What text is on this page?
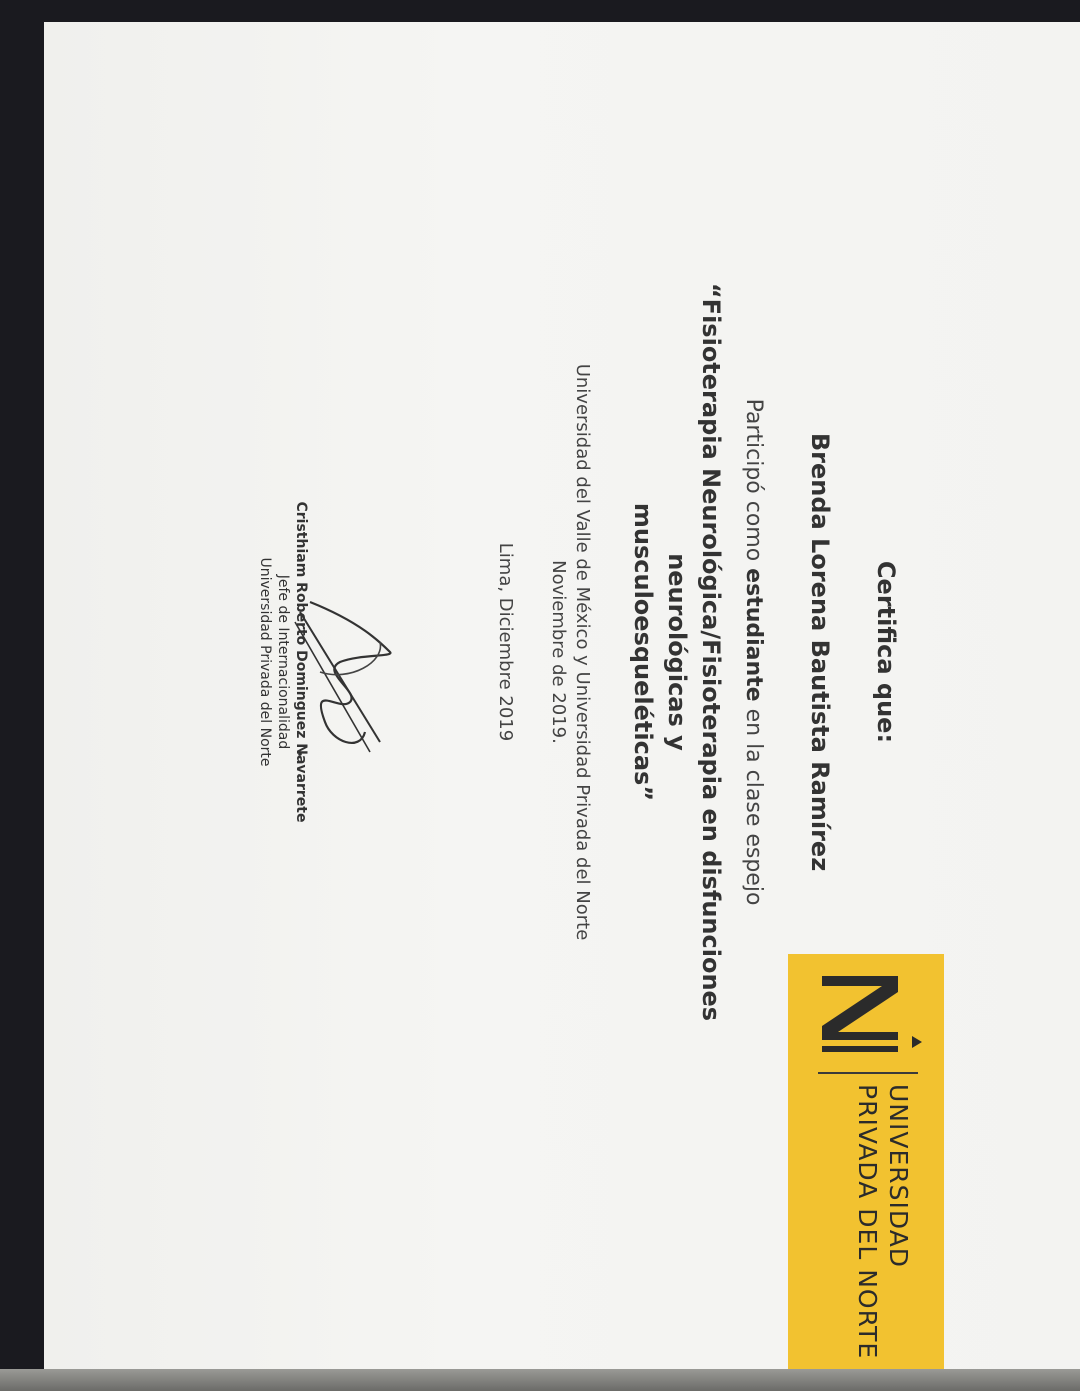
UNIVERSIDAD
PRIVADA DEL NORTE
Certifica que:
Brenda Lorena Bautista Ramírez
Participó como estudiante en la clase espejo
“Fisioterapia Neurológica/Fisioterapia en disfunciones neurológicas y
musculoesqueléticas”
Universidad del Valle de México y Universidad Privada del Norte
Noviembre de 2019.
Lima, Diciembre 2019
Cristhiam Roberto Dominguez Navarrete
Jefe de Internacionalidad
Universidad Privada del Norte
